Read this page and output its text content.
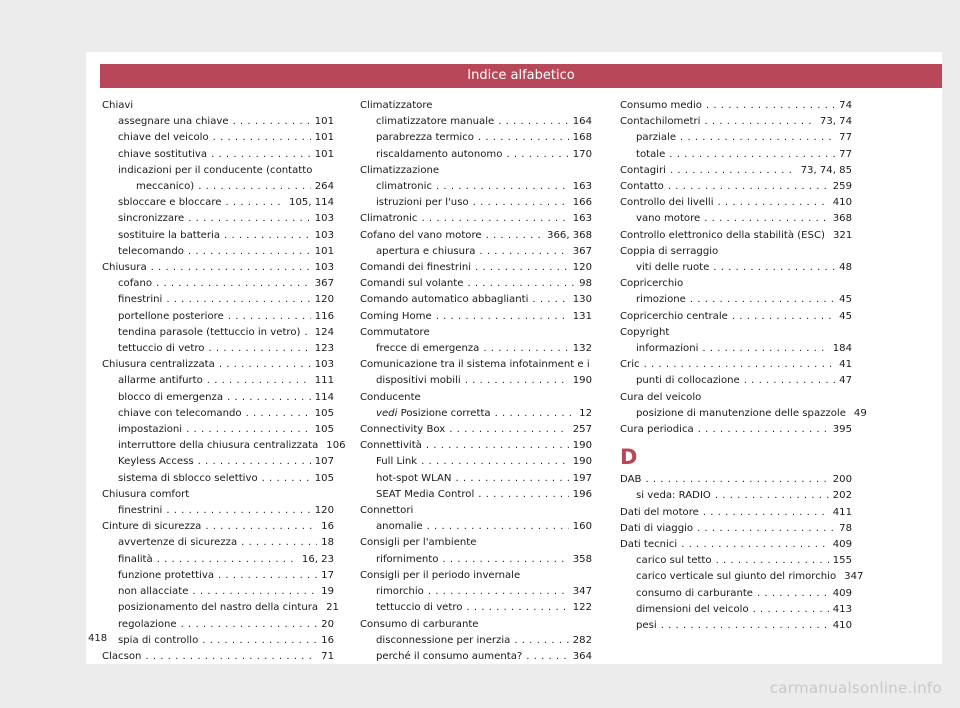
Indice alfabetico
Chiavi
assegnare una chiave . . .	101
chiave del veicolo . . .	101
chiave sostitutiva . . .	101
indicazioni per il conducente (contatto
meccanico) . . .	264
sbloccare e bloccare . . .	105, 114
sincronizzare . . .	103
sostituire la batteria . . .	103
telecomando . . .	101
Chiusura . . .	103
cofano . . .	367
finestrini . . .	120
portellone posteriore . . .	116
tendina parasole (tettuccio in vetro) . . . 124
tettuccio di vetro . . .	123
Chiusura centralizzata . . .	103
allarme antifurto . . .	111
blocco di emergenza . . .	114
chiave con telecomando . . .	105
impostazioni . . .	105
interruttore della chiusura centralizzata 106
Keyless Access . . .	107
sistema di sblocco selettivo . . .	105
Chiusura comfort
finestrini . . .	120
Cinture di sicurezza . . .	16
avvertenze di sicurezza . . .	18
finalità . . .	16, 23
funzione protettiva . . .	17
non allacciate . . .	19
posizionamento del nastro della cintura 21
regolazione . . .	20
spia di controllo . . .	16
Clacson . . .	71
Climatizzatore
climatizzatore manuale . . .	164
parabrezza termico . . .	168
riscaldamento autonomo . . .	170
Climatizzazione
climatronic . . .	163
istruzioni per l'uso . . .	166
Climatronic . . .	163
Cofano del vano motore . . .	366, 368
apertura e chiusura . . .	367
Comandi dei finestrini . . .	120
Comandi sul volante . . .	98
Comando automatico abbaglianti . . .	130
Coming Home . . .	131
Commutatore
frecce di emergenza . . .	132
Comunicazione tra il sistema infotainment e i
dispositivi mobili . . .	190
Conducente
vedi Posizione corretta . . .	12
Connectivity Box . . .	257
Connettività . . .	190
Full Link . . .	190
hot-spot WLAN . . .	197
SEAT Media Control . . .	196
Connettori
anomalie . . .	160
Consigli per l'ambiente
rifornimento . . .	358
Consigli per il periodo invernale
rimorchio . . .	347
tettuccio di vetro . . .	122
Consumo di carburante
disconnessione per inerzia . . .	282
perché il consumo aumenta? . . .	364
Consumo medio . . .	74
Contachilometri . . .	73, 74
parziale . . .	77
totale . . .	77
Contagiri . . .	73, 74, 85
Contatto . . .	259
Controllo dei livelli . . .	410
vano motore . . .	368
Controllo elettronico della stabilità (ESC) 321
Coppia di serraggio
viti delle ruote . . .	48
Copricerchio
rimozione . . .	45
Copricerchio centrale . . .	45
Copyright
informazioni . . .	184
Cric . . .	41
punti di collocazione . . .	47
Cura del veicolo
posizione di manutenzione delle spazzole 49
Cura periodica . . .	395
D
DAB . . .	200
si veda: RADIO . . .	202
Dati del motore . . .	411
Dati di viaggio . . .	78
Dati tecnici . . .	409
carico sul tetto . . .	155
carico verticale sul giunto del rimorchio 347
consumo di carburante . . .	409
dimensioni del veicolo . . .	413
pesi . . .	410
418
carmanualsonline.info
